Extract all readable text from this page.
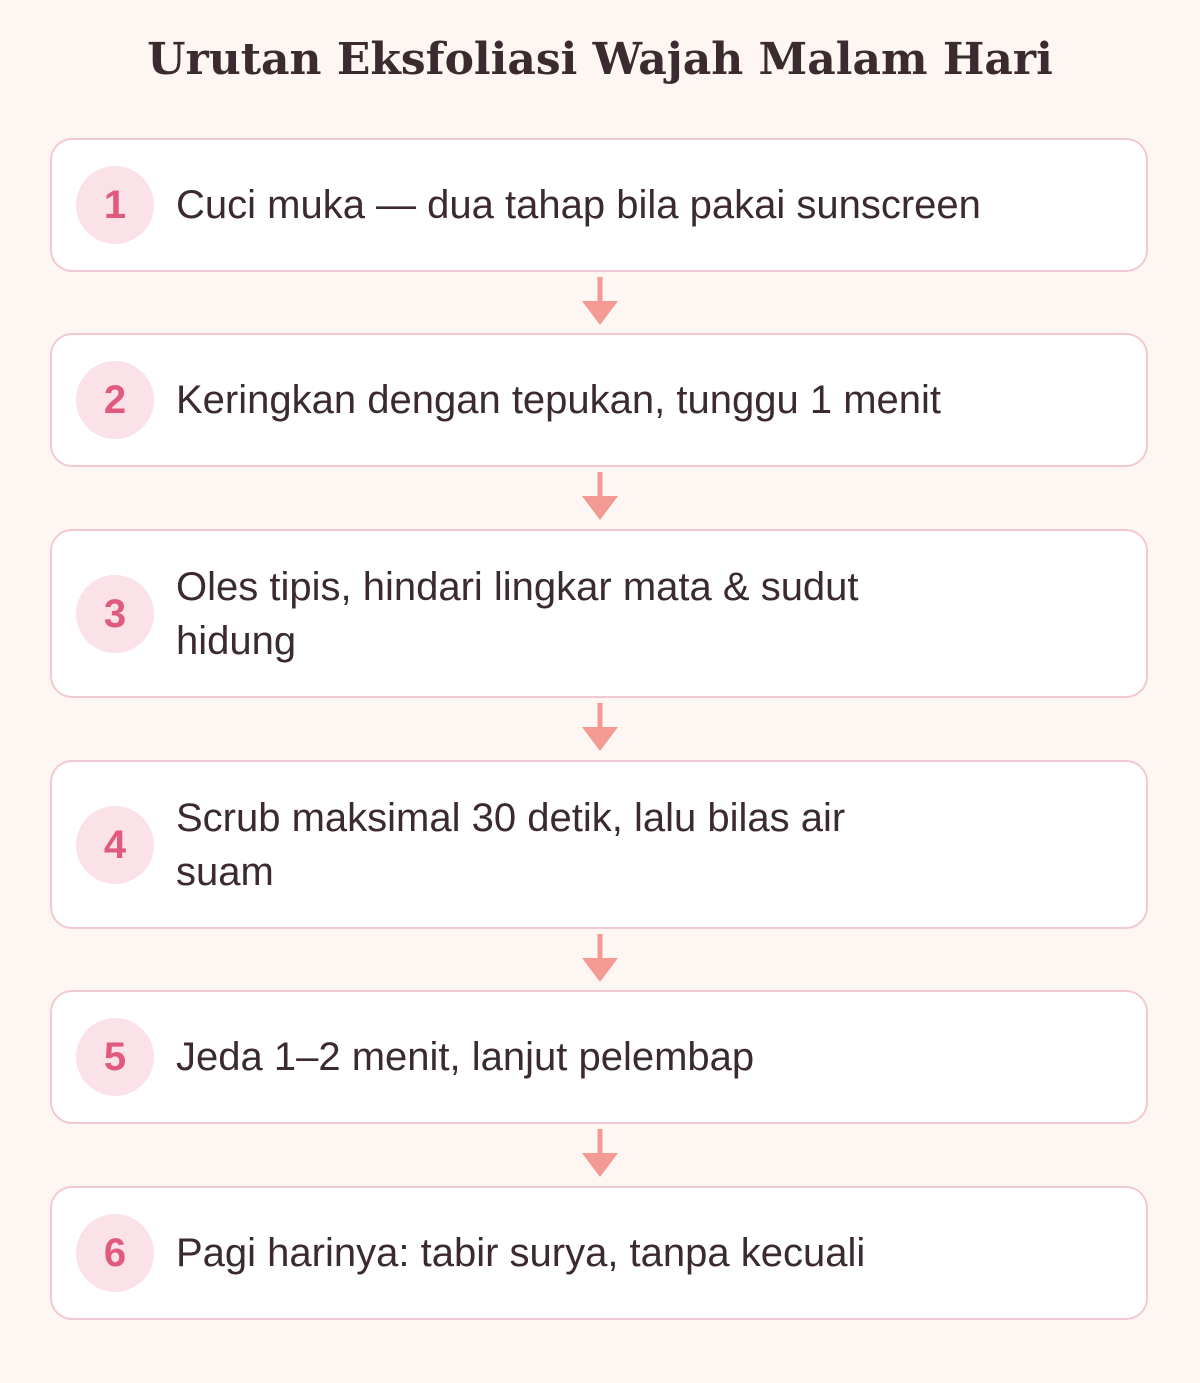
Urutan Eksfoliasi Wajah Malam Hari
1	Cuci muka — dua tahap bila pakai sunscreen
2	Keringkan dengan tepukan, tunggu 1 menit
3
Oles tipis, hindari lingkar mata & sudut hidung
4
Scrub maksimal 30 detik, lalu bilas air suam
5	Jeda 1–2 menit, lanjut pelembap
6	Pagi harinya: tabir surya, tanpa kecuali
